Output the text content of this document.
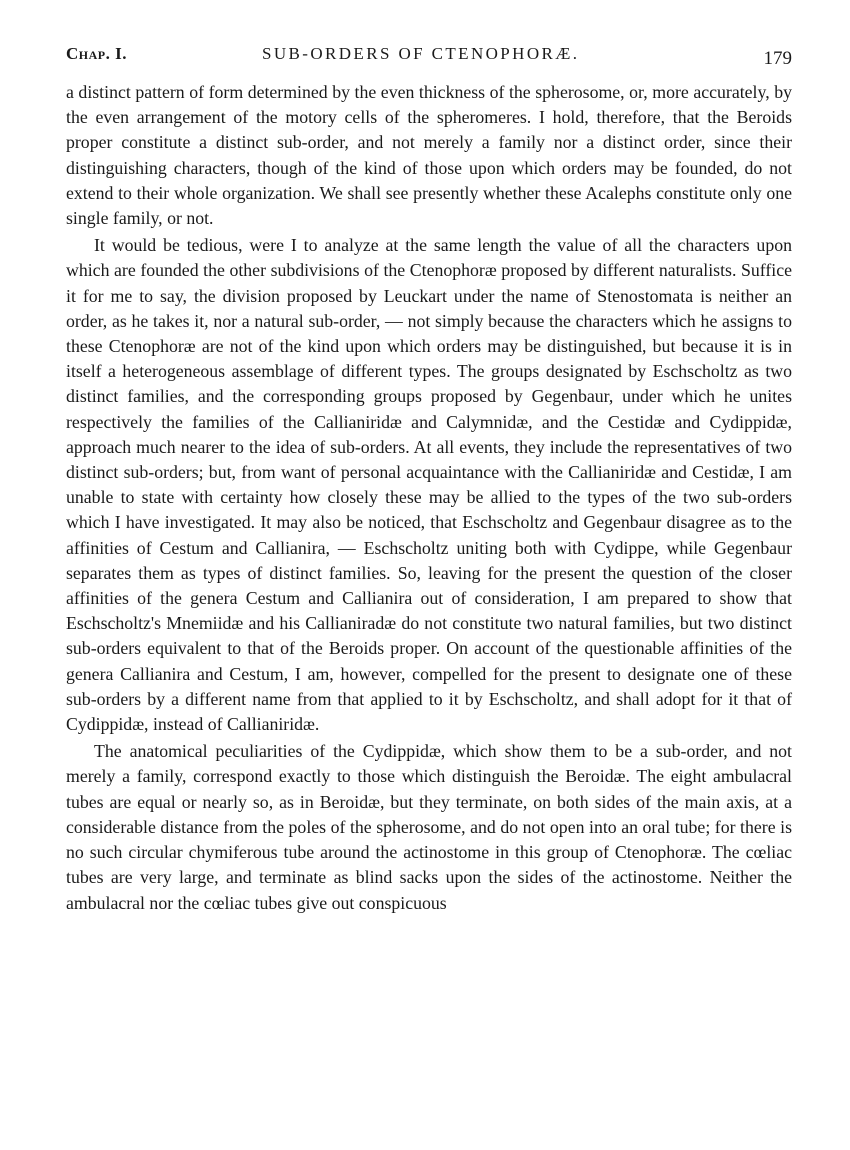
Chap. I.	SUB-ORDERS OF CTENOPHORÆ.	179

a distinct pattern of form determined by the even thickness of the spherosome, or, more accurately, by the even arrangement of the motory cells of the spheromeres. I hold, therefore, that the Beroids proper constitute a distinct sub-order, and not merely a family nor a distinct order, since their distinguishing characters, though of the kind of those upon which orders may be founded, do not extend to their whole organization. We shall see presently whether these Acalephs constitute only one single family, or not.

It would be tedious, were I to analyze at the same length the value of all the characters upon which are founded the other subdivisions of the Ctenophoræ proposed by different naturalists. Suffice it for me to say, the division proposed by Leuckart under the name of Stenostomata is neither an order, as he takes it, nor a natural sub-order, — not simply because the characters which he assigns to these Ctenophoræ are not of the kind upon which orders may be distinguished, but because it is in itself a heterogeneous assemblage of different types. The groups designated by Eschscholtz as two distinct families, and the corresponding groups proposed by Gegenbaur, under which he unites respectively the families of the Callianiridæ and Calymnidæ, and the Cestidæ and Cydippidæ, approach much nearer to the idea of sub-orders. At all events, they include the representatives of two distinct sub-orders; but, from want of personal acquaintance with the Callianiridæ and Cestidæ, I am unable to state with certainty how closely these may be allied to the types of the two sub-orders which I have investigated. It may also be noticed, that Eschscholtz and Gegenbaur disagree as to the affinities of Cestum and Callianira, — Eschscholtz uniting both with Cydippe, while Gegenbaur separates them as types of distinct families. So, leaving for the present the question of the closer affinities of the genera Cestum and Callianira out of consideration, I am prepared to show that Eschscholtz's Mnemiidæ and his Callianiradæ do not constitute two natural families, but two distinct sub-orders equivalent to that of the Beroids proper. On account of the questionable affinities of the genera Callianira and Cestum, I am, however, compelled for the present to designate one of these sub-orders by a different name from that applied to it by Eschscholtz, and shall adopt for it that of Cydippidæ, instead of Callianiridæ.

The anatomical peculiarities of the Cydippidæ, which show them to be a sub-order, and not merely a family, correspond exactly to those which distinguish the Beroidæ. The eight ambulacral tubes are equal or nearly so, as in Beroidæ, but they terminate, on both sides of the main axis, at a considerable distance from the poles of the spherosome, and do not open into an oral tube; for there is no such circular chymiferous tube around the actinostome in this group of Ctenophoræ. The cœliac tubes are very large, and terminate as blind sacks upon the sides of the actinostome. Neither the ambulacral nor the cœliac tubes give out conspicuous
